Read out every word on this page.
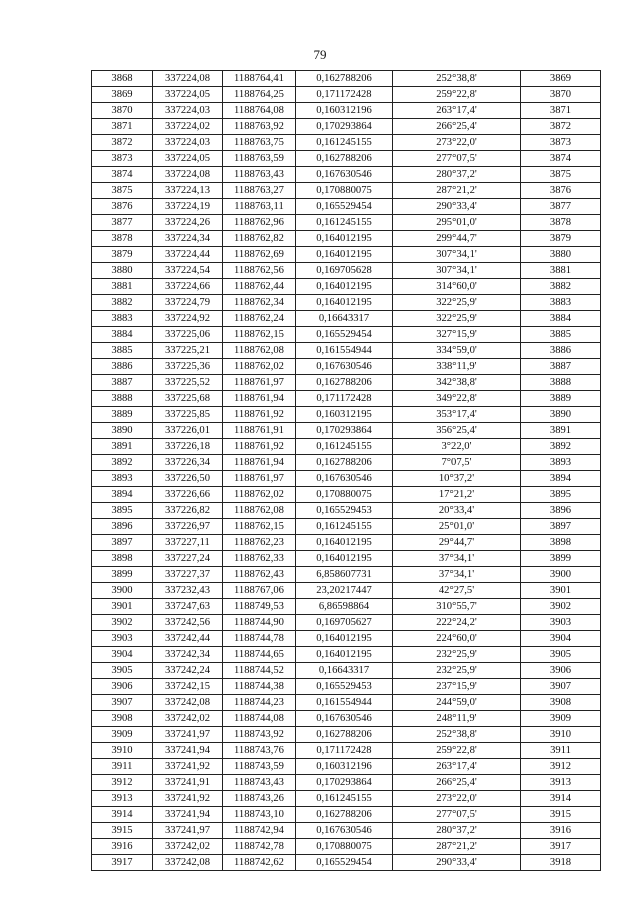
79
3868	337224,08	1188764,41	0,162788206	252°38,8'	3869
3869	337224,05	1188764,25	0,171172428	259°22,8'	3870
3870	337224,03	1188764,08	0,160312196	263°17,4'	3871
3871	337224,02	1188763,92	0,170293864	266°25,4'	3872
3872	337224,03	1188763,75	0,161245155	273°22,0'	3873
3873	337224,05	1188763,59	0,162788206	277°07,5'	3874
3874	337224,08	1188763,43	0,167630546	280°37,2'	3875
3875	337224,13	1188763,27	0,170880075	287°21,2'	3876
3876	337224,19	1188763,11	0,165529454	290°33,4'	3877
3877	337224,26	1188762,96	0,161245155	295°01,0'	3878
3878	337224,34	1188762,82	0,164012195	299°44,7'	3879
3879	337224,44	1188762,69	0,164012195	307°34,1'	3880
3880	337224,54	1188762,56	0,169705628	307°34,1'	3881
3881	337224,66	1188762,44	0,164012195	314°60,0'	3882
3882	337224,79	1188762,34	0,164012195	322°25,9'	3883
3883	337224,92	1188762,24	0,16643317	322°25,9'	3884
3884	337225,06	1188762,15	0,165529454	327°15,9'	3885
3885	337225,21	1188762,08	0,161554944	334°59,0'	3886
3886	337225,36	1188762,02	0,167630546	338°11,9'	3887
3887	337225,52	1188761,97	0,162788206	342°38,8'	3888
3888	337225,68	1188761,94	0,171172428	349°22,8'	3889
3889	337225,85	1188761,92	0,160312195	353°17,4'	3890
3890	337226,01	1188761,91	0,170293864	356°25,4'	3891
3891	337226,18	1188761,92	0,161245155	3°22,0'	3892
3892	337226,34	1188761,94	0,162788206	7°07,5'	3893
3893	337226,50	1188761,97	0,167630546	10°37,2'	3894
3894	337226,66	1188762,02	0,170880075	17°21,2'	3895
3895	337226,82	1188762,08	0,165529453	20°33,4'	3896
3896	337226,97	1188762,15	0,161245155	25°01,0'	3897
3897	337227,11	1188762,23	0,164012195	29°44,7'	3898
3898	337227,24	1188762,33	0,164012195	37°34,1'	3899
3899	337227,37	1188762,43	6,858607731	37°34,1'	3900
3900	337232,43	1188767,06	23,20217447	42°27,5'	3901
3901	337247,63	1188749,53	6,86598864	310°55,7'	3902
3902	337242,56	1188744,90	0,169705627	222°24,2'	3903
3903	337242,44	1188744,78	0,164012195	224°60,0'	3904
3904	337242,34	1188744,65	0,164012195	232°25,9'	3905
3905	337242,24	1188744,52	0,16643317	232°25,9'	3906
3906	337242,15	1188744,38	0,165529453	237°15,9'	3907
3907	337242,08	1188744,23	0,161554944	244°59,0'	3908
3908	337242,02	1188744,08	0,167630546	248°11,9'	3909
3909	337241,97	1188743,92	0,162788206	252°38,8'	3910
3910	337241,94	1188743,76	0,171172428	259°22,8'	3911
3911	337241,92	1188743,59	0,160312196	263°17,4'	3912
3912	337241,91	1188743,43	0,170293864	266°25,4'	3913
3913	337241,92	1188743,26	0,161245155	273°22,0'	3914
3914	337241,94	1188743,10	0,162788206	277°07,5'	3915
3915	337241,97	1188742,94	0,167630546	280°37,2'	3916
3916	337242,02	1188742,78	0,170880075	287°21,2'	3917
3917	337242,08	1188742,62	0,165529454	290°33,4'	3918
